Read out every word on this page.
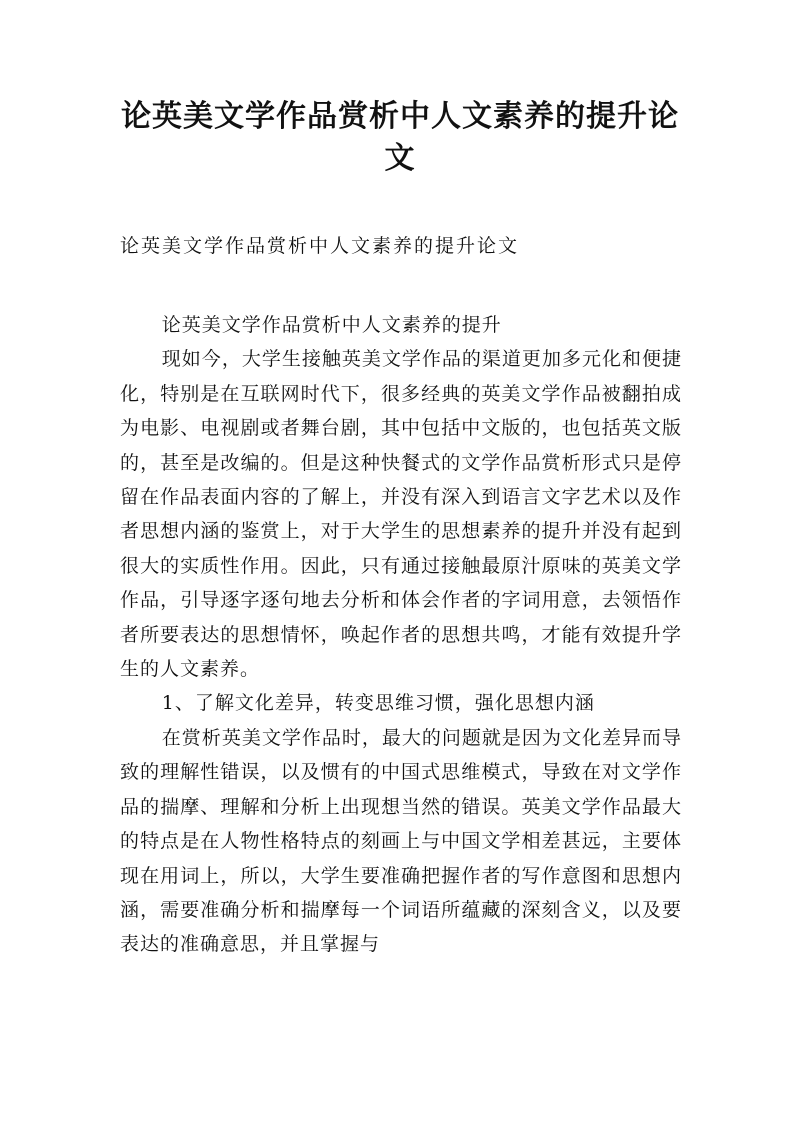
论英美文学作品赏析中人文素养的提升论文
论英美文学作品赏析中人文素养的提升论文

论英美文学作品赏析中人文素养的提升

现如今，大学生接触英美文学作品的渠道更加多元化和便捷化，特别是在互联网时代下，很多经典的英美文学作品被翻拍成为电影、电视剧或者舞台剧，其中包括中文版的，也包括英文版的，甚至是改编的。但是这种快餐式的文学作品赏析形式只是停留在作品表面内容的了解上，并没有深入到语言文字艺术以及作者思想内涵的鉴赏上，对于大学生的思想素养的提升并没有起到很大的实质性作用。因此，只有通过接触最原汁原味的英美文学作品，引导逐字逐句地去分析和体会作者的字词用意，去领悟作者所要表达的思想情怀，唤起作者的思想共鸣，才能有效提升学生的人文素养。

1、了解文化差异，转变思维习惯，强化思想内涵

在赏析英美文学作品时，最大的问题就是因为文化差异而导致的理解性错误，以及惯有的中国式思维模式，导致在对文学作品的揣摩、理解和分析上出现想当然的错误。英美文学作品最大的特点是在人物性格特点的刻画上与中国文学相差甚远，主要体现在用词上，所以，大学生要准确把握作者的写作意图和思想内涵，需要准确分析和揣摩每一个词语所蕴藏的深刻含义，以及要表达的准确意思，并且掌握与
